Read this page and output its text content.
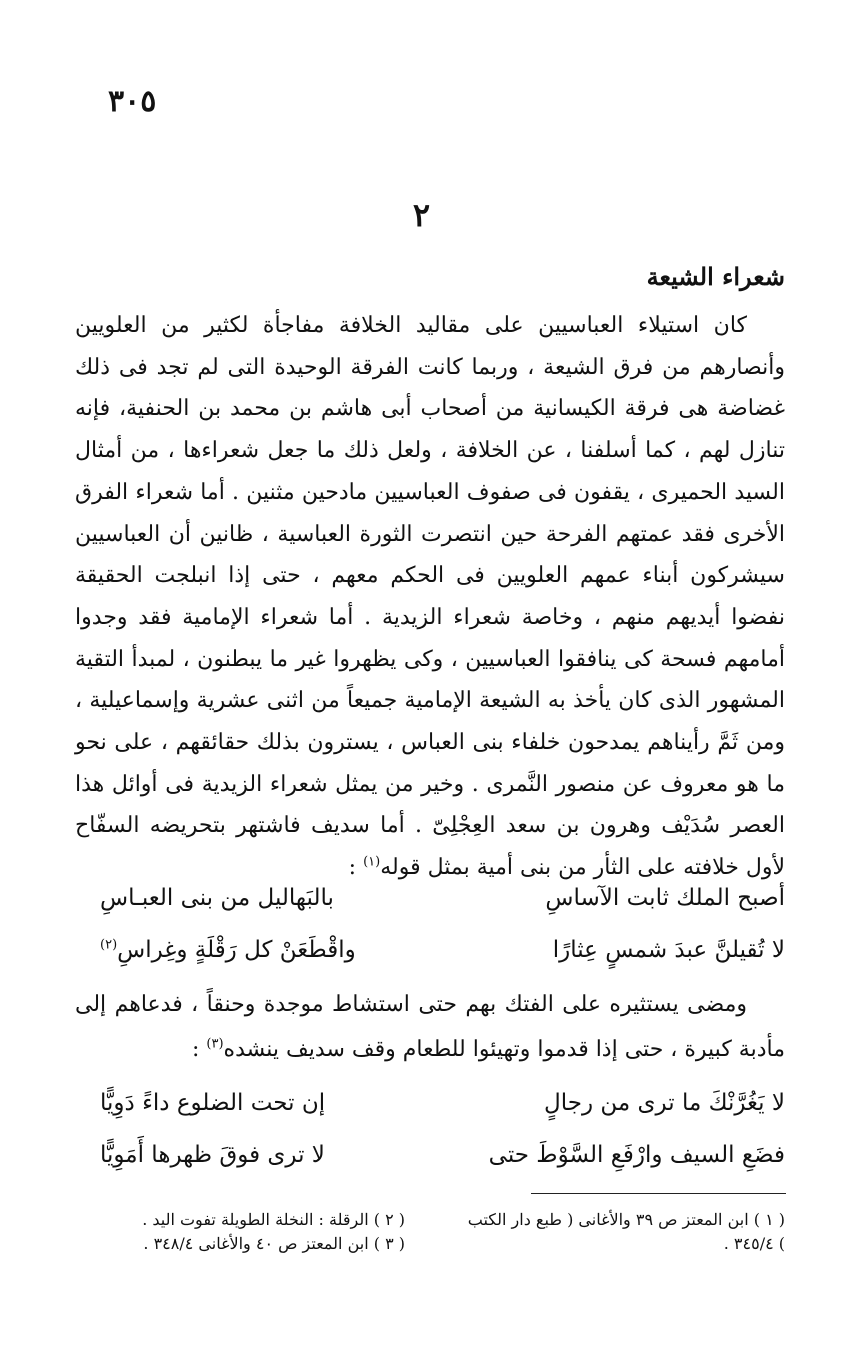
٣٠٥
٢
شعراء الشيعة

كان استيلاء العباسيين على مقاليد الخلافة مفاجأة لكثير من العلويين وأنصارهم من فرق الشيعة ، وربما كانت الفرقة الوحيدة التى لم تجد فى ذلك غضاضة هى فرقة الكيسانية من أصحاب أبى هاشم بن محمد بن الحنفية، فإنه تنازل لهم ، كما أسلفنا ، عن الخلافة ، ولعل ذلك ما جعل شعراءها ، من أمثال السيد الحميرى ، يقفون فى صفوف العباسيين مادحين مثنين . أما شعراء الفرق الأخرى فقد عمتهم الفرحة حين انتصرت الثورة العباسية ، ظانين أن العباسيين سيشركون أبناء عمهم العلويين فى الحكم معهم ، حتى إذا انبلجت الحقيقة نفضوا أيديهم منهم ، وخاصة شعراء الزيدية . أما شعراء الإمامية فقد وجدوا أمامهم فسحة كى ينافقوا العباسيين ، وكى يظهروا غير ما يبطنون ، لمبدأ التقية المشهور الذى كان يأخذ به الشيعة الإمامية جميعاً من اثنى عشرية وإسماعيلية ، ومن ثَمَّ رأيناهم يمدحون خلفاء بنى العباس ، يسترون بذلك حقائقهم ، على نحو ما هو معروف عن منصور النَّمرى . وخير من يمثل شعراء الزيدية فى أوائل هذا العصر سُدَيْف وهرون بن سعد العِجْلِىّ . أما سديف فاشتهر بتحريضه السفّاح لأول خلافته على الثأر من بنى أمية بمثل قوله$^{(١)}$ :

أصبح الملك ثابت الآساسِ
بالبَهاليل من بنى العبـاسِ
لا تُقيلنَّ عبدَ شمسٍ عِثارًا
واقْطَعَنْ كل رَقْلَةٍ وغِراسِ$^{(٢)}$

ومضى يستثيره على الفتك بهم حتى استشاط موجدة وحنقاً ، فدعاهم إلى مأدبة كبيرة ، حتى إذا قدموا وتهيئوا للطعام وقف سديف ينشده$^{(٣)}$ :

لا يَغُرَّنْكَ ما ترى من رجالٍ
إن تحت الضلوع داءً دَوِيًّا
فضَعِ السيف وارْفَعِ السَّوْطَ حتى
لا ترى فوقَ ظهرها أَمَوِيًّا

( ١ ) ابن المعتز ص ٣٩ والأغانى ( طبع دار الكتب ) ٣٤٥/٤ .

( ٢ ) الرقلة : النخلة الطويلة تفوت اليد .

( ٣ ) ابن المعتز ص ٤٠ والأغانى ٣٤٨/٤ .
